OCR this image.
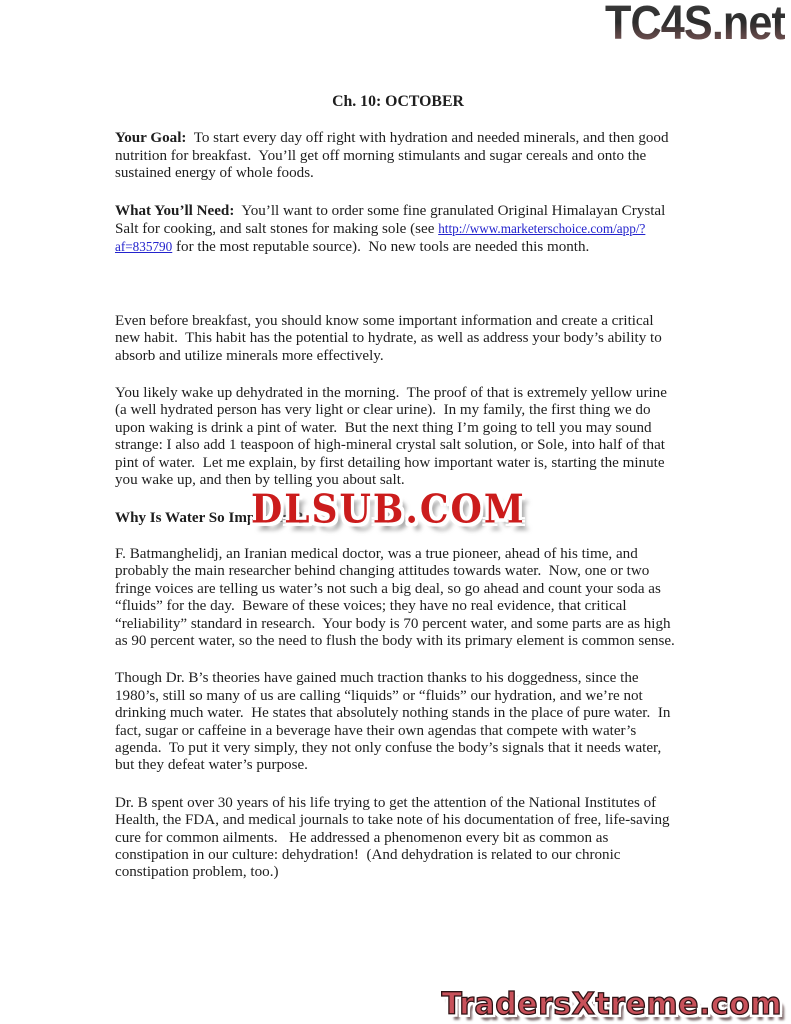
TC4S.net
Ch. 10: OCTOBER

Your Goal:  To start every day off right with hydration and needed minerals, and then good nutrition for breakfast.  You’ll get off morning stimulants and sugar cereals and onto the sustained energy of whole foods.

What You’ll Need:  You’ll want to order some fine granulated Original Himalayan Crystal Salt for cooking, and salt stones for making sole (see http://www.marketerschoice.com/app/?af=835790 for the most reputable source).  No new tools are needed this month.

Even before breakfast, you should know some important information and create a critical new habit.  This habit has the potential to hydrate, as well as address your body’s ability to absorb and utilize minerals more effectively.

You likely wake up dehydrated in the morning.  The proof of that is extremely yellow urine (a well hydrated person has very light or clear urine).  In my family, the first thing we do upon waking is drink a pint of water.  But the next thing I’m going to tell you may sound strange: I also add 1 teaspoon of high-mineral crystal salt solution, or Sole, into half of that pint of water.  Let me explain, by first detailing how important water is, starting the minute you wake up, and then by telling you about salt.

Why Is Water So Important?

F. Batmanghelidj, an Iranian medical doctor, was a true pioneer, ahead of his time, and probably the main researcher behind changing attitudes towards water.  Now, one or two fringe voices are telling us water’s not such a big deal, so go ahead and count your soda as “fluids” for the day.  Beware of these voices; they have no real evidence, that critical “reliability” standard in research.  Your body is 70 percent water, and some parts are as high as 90 percent water, so the need to flush the body with its primary element is common sense.

Though Dr. B’s theories have gained much traction thanks to his doggedness, since the 1980’s, still so many of us are calling “liquids” or “fluids” our hydration, and we’re not drinking much water.  He states that absolutely nothing stands in the place of pure water.  In fact, sugar or caffeine in a beverage have their own agendas that compete with water’s agenda.  To put it very simply, they not only confuse the body’s signals that it needs water, but they defeat water’s purpose.

Dr. B spent over 30 years of his life trying to get the attention of the National Institutes of Health, the FDA, and medical journals to take note of his documentation of free, life-saving cure for common ailments.   He addressed a phenomenon every bit as common as constipation in our culture: dehydration!  (And dehydration is related to our chronic constipation problem, too.)

DLSUB.COM
TradersXtreme.com
